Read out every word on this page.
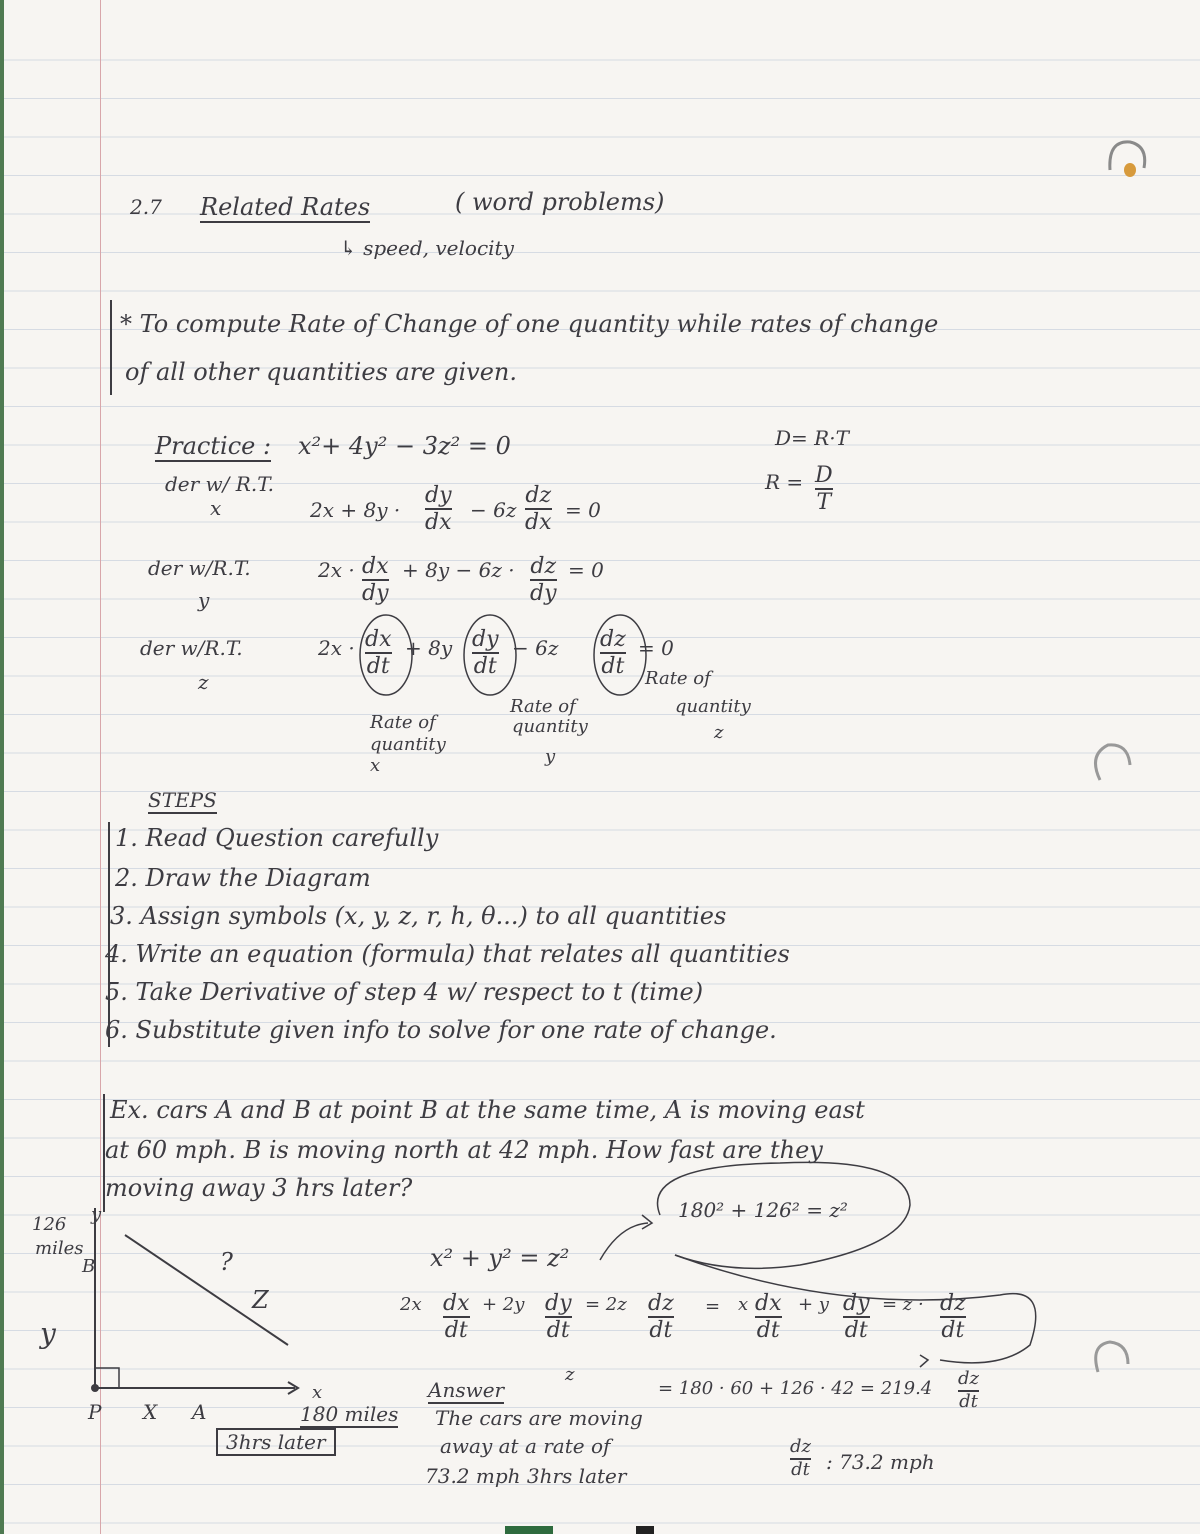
2.7 Related Rates	( word problems)
↳ speed, velocity
* To compute Rate of Change of one quantity while rates of change
of all other quantities are given.
D= R·T
R = D
T
Practice : x²+ 4y² − 3z² = 0
der w/ R.T.
x	2x + 8y ·
dy
dx
− 6z
dz
dx
= 0
der w/R.T.
y
2x · dx
dy
+ 8y − 6z · dz
dy
= 0
der w/R.T.
z
2x · dx
dt
+ 8y dy
dt
− 6z dz
dt
= 0
Rate of quantity x
Rate of
quantity
y
Rate of
quantity
z
STEPS
1. Read Question carefully
2. Draw the Diagram
3. Assign symbols (x, y, z, r, h, θ...) to all quantities
4. Write an equation (formula) that relates all quantities
5. Take Derivative of step 4 w/ respect to t (time)
6. Substitute given info to solve for one rate of change.
Ex. cars A and B at point B at the same time, A is moving east
at 60 mph. B is moving north at 42 mph. How fast are they
moving away 3 hrs later?
126
miles
B
y
y
?
Z
P X A
x
180 miles
3hrs later
180² + 126² = z²
x² + y² = z²
2x dx
dt
+ 2y dy
dt
= 2z dz
dt
= x dx
dt
+ y dy
dt
= z · dz
dt
z
= 180 · 60 + 126 · 42 = 219.4 dz
dt
Answer
The cars are moving
away at a rate of
73.2 mph 3hrs later
dz
dt : 73.2 mph
